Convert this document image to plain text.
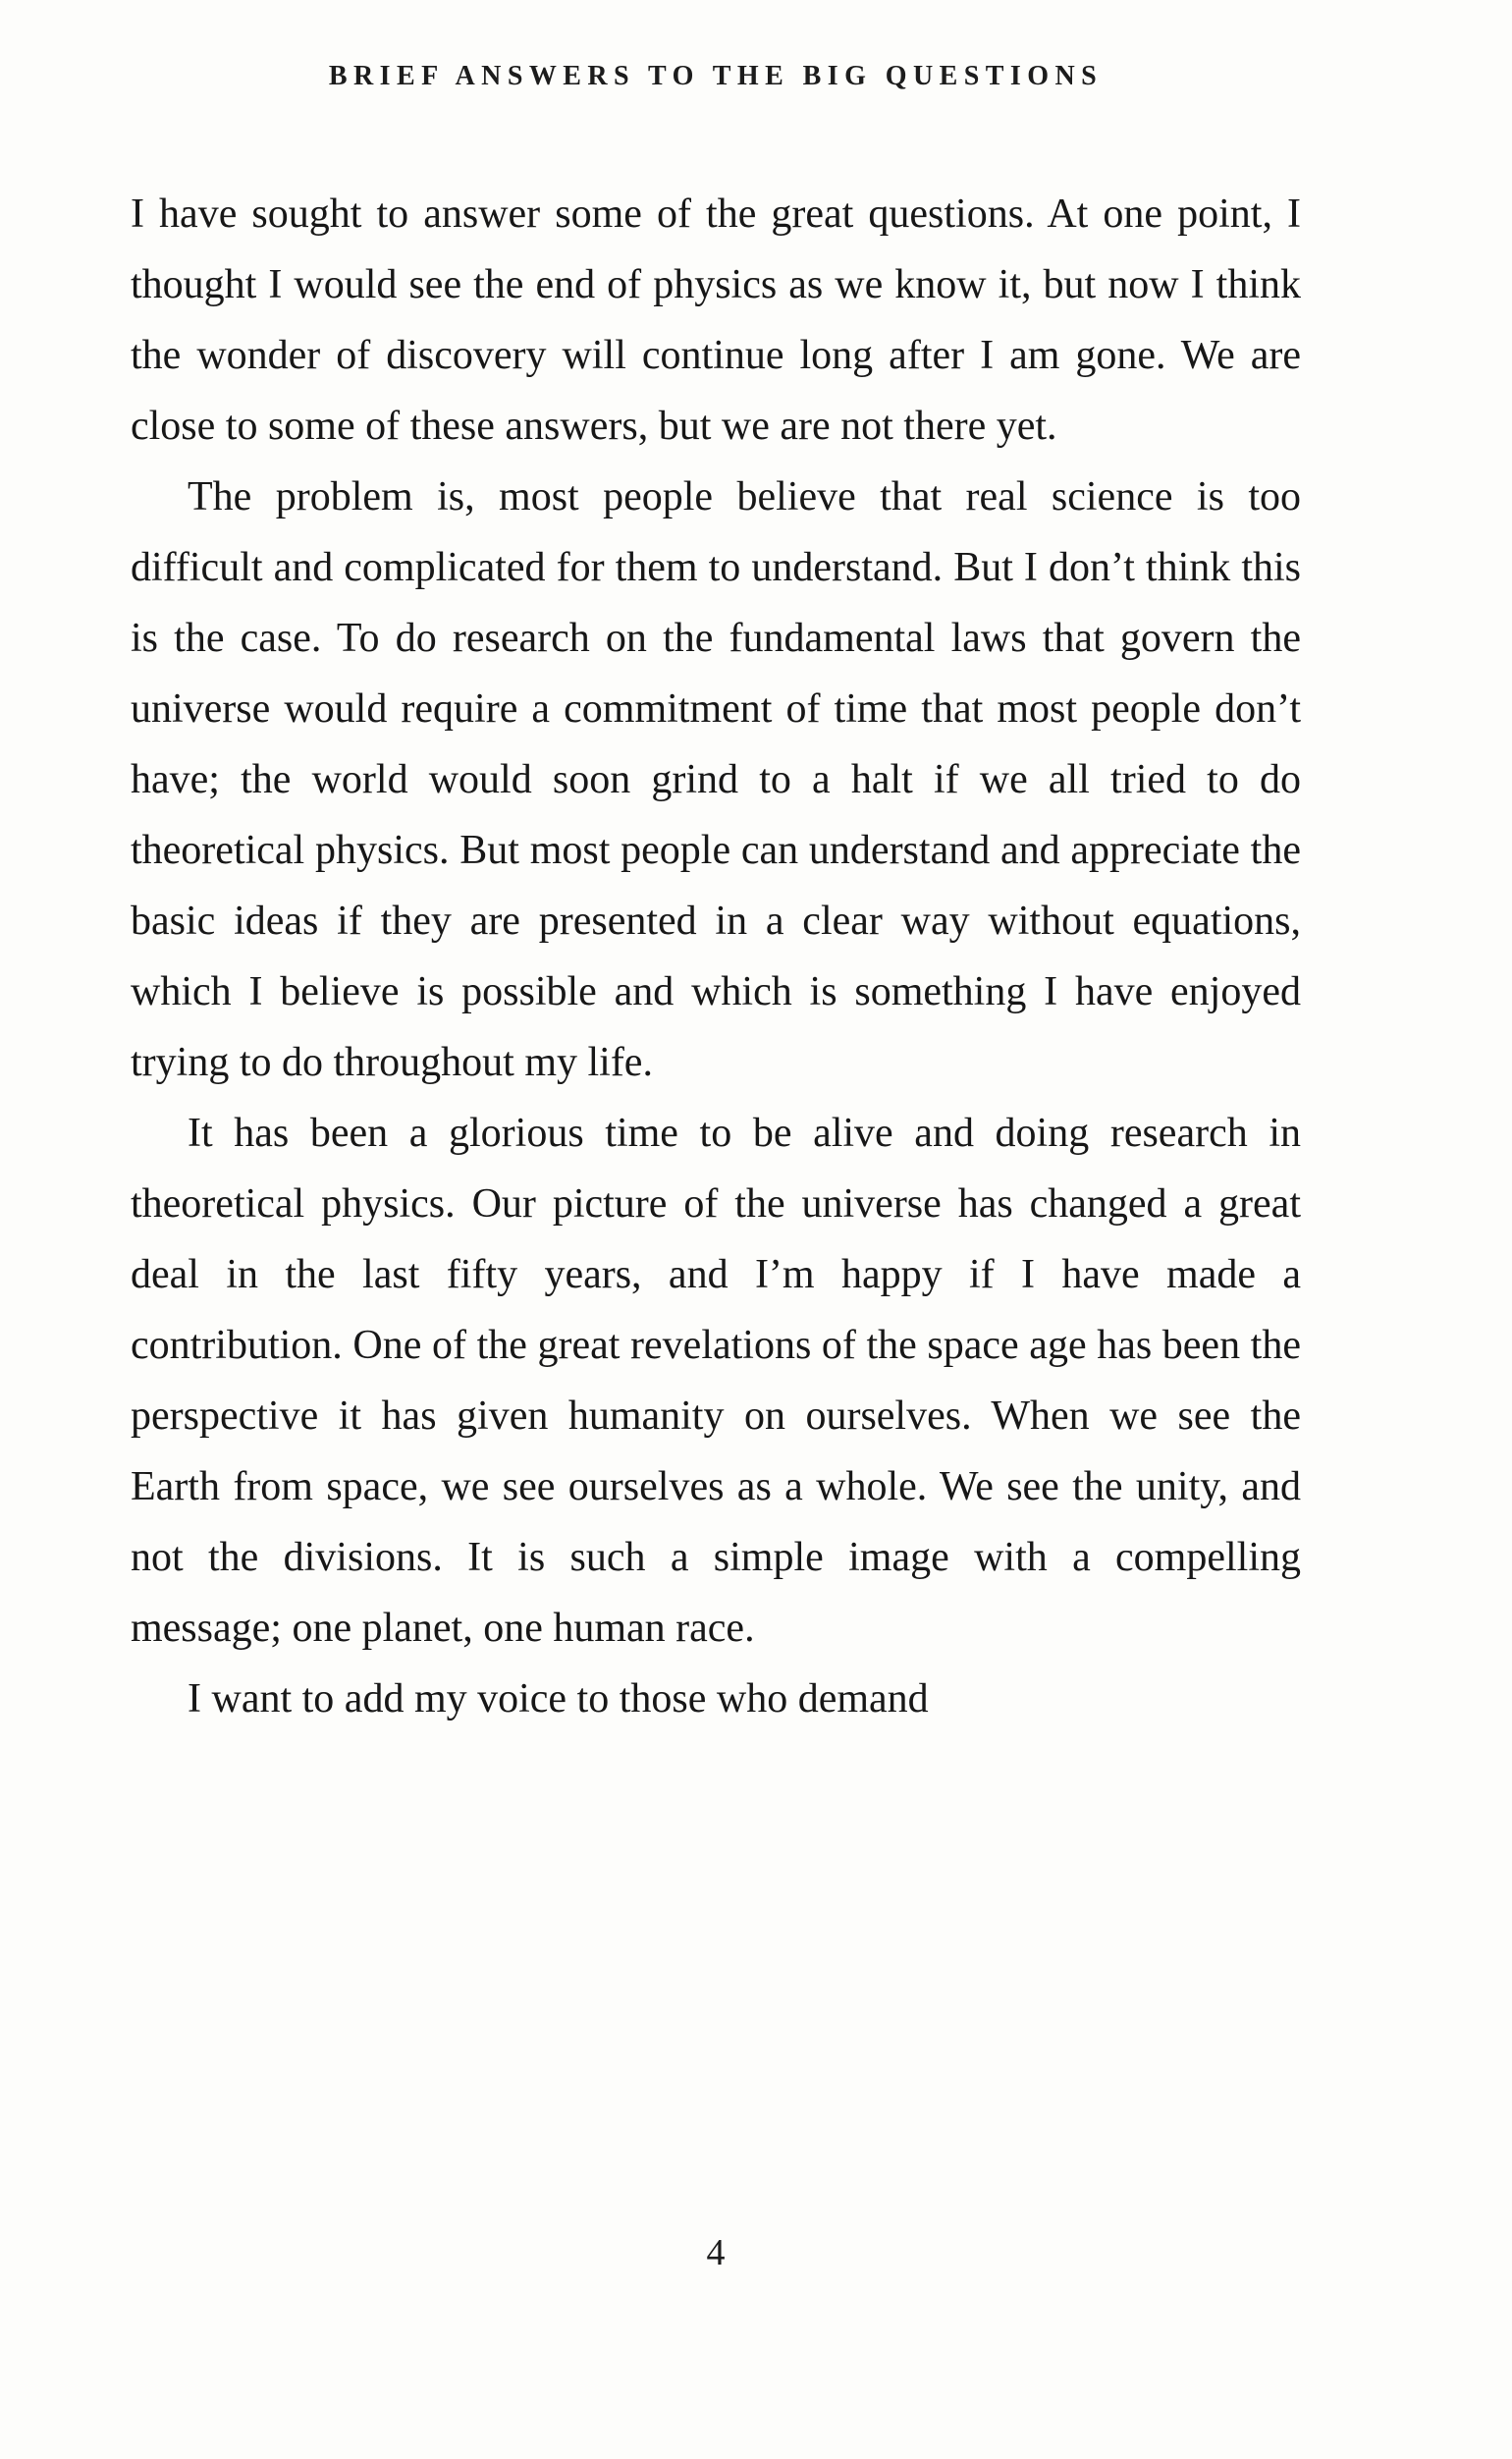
BRIEF ANSWERS TO THE BIG QUESTIONS

I have sought to answer some of the great questions. At one point, I thought I would see the end of physics as we know it, but now I think the wonder of discovery will continue long after I am gone. We are close to some of these answers, but we are not there yet.

The problem is, most people believe that real science is too difficult and complicated for them to understand. But I don’t think this is the case. To do research on the fundamental laws that govern the universe would require a commitment of time that most people don’t have; the world would soon grind to a halt if we all tried to do theoretical physics. But most people can understand and appreciate the basic ideas if they are presented in a clear way without equations, which I believe is possible and which is something I have enjoyed trying to do throughout my life.

It has been a glorious time to be alive and doing research in theoretical physics. Our picture of the universe has changed a great deal in the last fifty years, and I’m happy if I have made a contribution. One of the great revelations of the space age has been the perspective it has given humanity on ourselves. When we see the Earth from space, we see ourselves as a whole. We see the unity, and not the divisions. It is such a simple image with a compelling message; one planet, one human race.

I want to add my voice to those who demand

4
